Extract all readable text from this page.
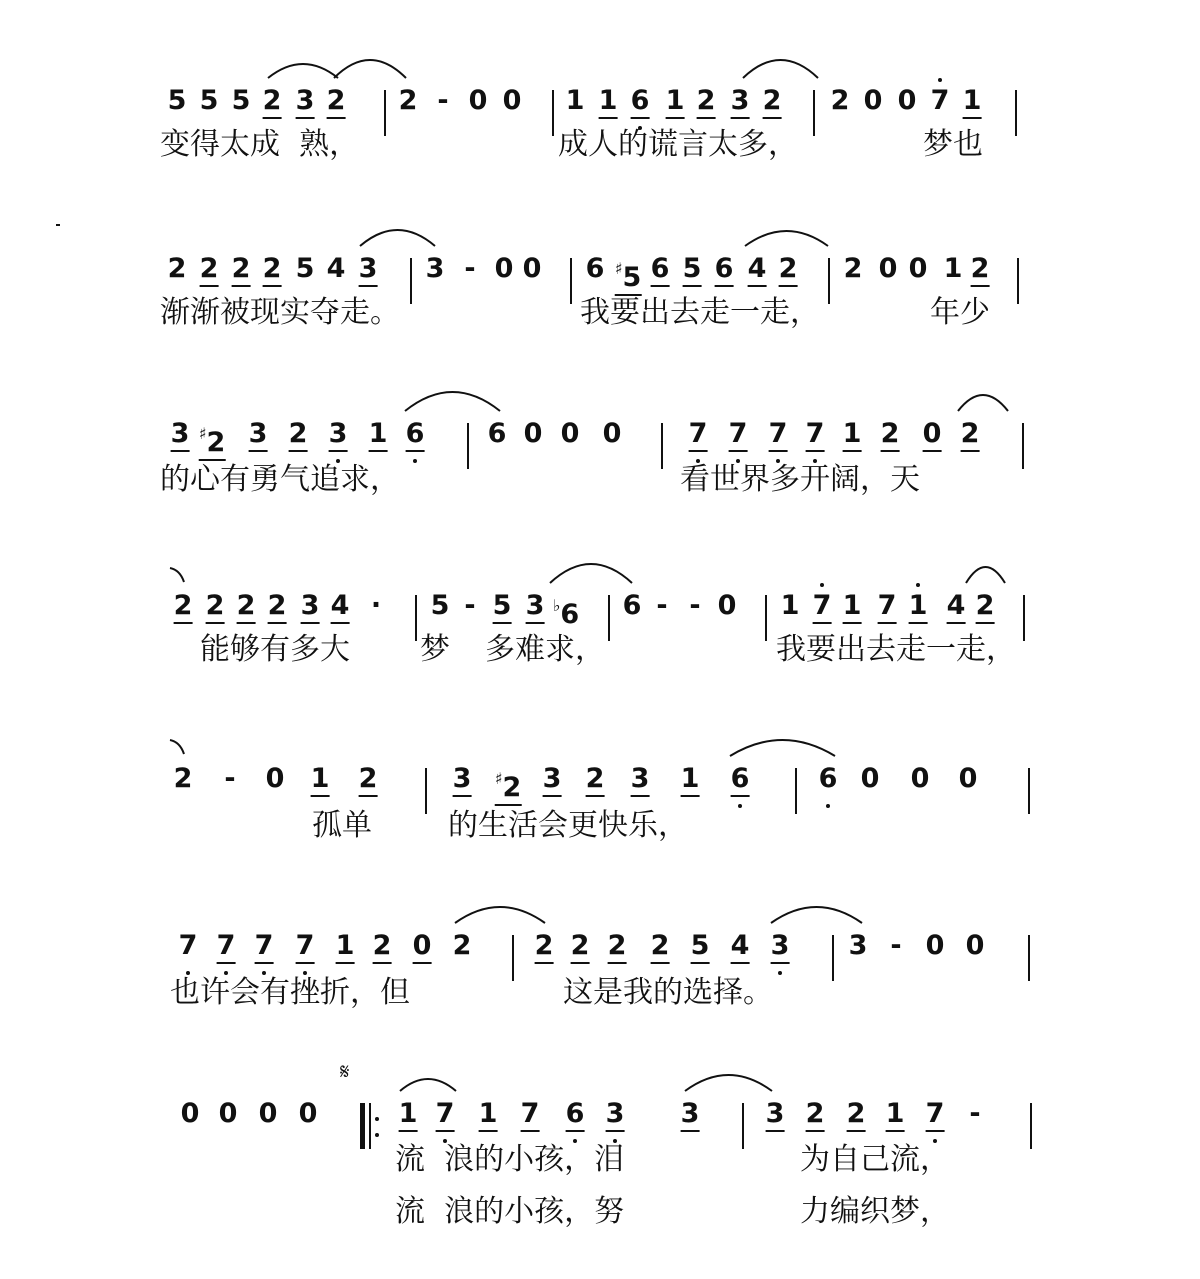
5 5 5 2 3 2 2 - 0 0 1 1 6 1 2 3 2 2 0 0 7 1
变得太成  熟，	成人的谎言太多，	梦也
2 2 2 2 5 4 3 3 - 0 0 6 ♯5 6 5 6 4 2 2 0 0 1 2
渐渐被现实夺走。	我要出去走一走，	年少
3 ♯2 3 2 3 1 6 6 0 0 0 7 7 7 7 1 2 0 2
的心有勇气追求，	看世界多开阔，天
2 2 2 2 3 4 · 5 - 5 3 ♭6 6 - - 0 1 7 1 7 1 4 2
能够有多大 梦 多难求，	我要出去走一走，
2 - 0 1 2	3 ♯2 3 2 3 1 6	6 0 0 0
孤单	的生活会更快乐，
7 7 7 7 1 2 0 2 2 2 2 2 5 4 3 3 - 0 0
也许会有挫折，但	这是我的选择。
0 0 0 0	1 7 1 7 6 3 3 3 2 2 1 7 -
流  浪的小孩，泪	为自己流，
流  浪的小孩，努	力编织梦，
𝄋
